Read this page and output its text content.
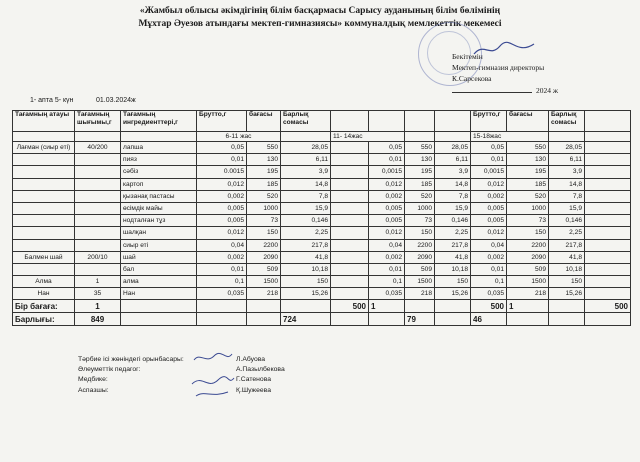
«Жамбыл облысы әкімдігінің білім басқармасы Сарысу ауданының білім бөлімінің
Мұхтар Әуезов атындағы мектеп-гимназиясы» коммуналдық мемлекеттік мекемесі
Бекітемін
Мектеп-гимназия директоры
К.Сарсекова
2024 ж
1- апта 5- күн	01.03.2024ж
Тағамның атауы	Тағамның шығымы,г	Тағамның ингредиенттері,г	Брутто,г	бағасы	Барлық сомасы					Брутто,г	бағасы	Барлық сомасы	
			6-11 жас			11- 14жас				15-18жас			
Лағман (сиыр еті)	40/200	лапша	0,05	550	28,05		0,05	550	28,05	0,05	550	28,05	
		пияз	0,01	130	6,11		0,01	130	6,11	0,01	130	6,11	
		сәбіз	0.0015	195	3,9		0,0015	195	3,9	0,0015	195	3,9	
		картоп	0,012	185	14,8		0,012	185	14,8	0,012	185	14,8	
		қызанақ пастасы	0,002	520	7,8		0,002	520	7,8	0,002	520	7,8	
		өсімдік майы	0,005	1000	15,9		0,005	1000	15,9	0,005	1000	15,9	
		нодталған тұз	0,005	73	0,146		0,005	73	0,146	0,005	73	0,146	
		шалқан	0,012	150	2,25		0,012	150	2,25	0,012	150	2,25	
		сиыр еті	0,04	2200	217,8		0,04	2200	217,8	0,04	2200	217,8	
Балмен шай	200/10	шай	0,002	2090	41,8		0,002	2090	41,8	0,002	2090	41,8	
		бал	0,01	509	10,18		0,01	509	10,18	0,01	509	10,18	
Алма	1	алма	0,1	1500	150		0,1	1500	150	0,1	1500	150	
Нан	35	Нан	0,035	218	15,26		0,035	218	15,26	0,035	218	15,26	
Бір бағаға:	1					500	1			500	1		500
Барлығы:	849				724			79		46			
Тәрбие ісі жөніндегі орынбасары:
Әлеуметтік педагог:
Медбике:
Аспазшы:
Л.Абуова
А.Пазылбекова
Г.Сатенова
Қ.Шужеева
